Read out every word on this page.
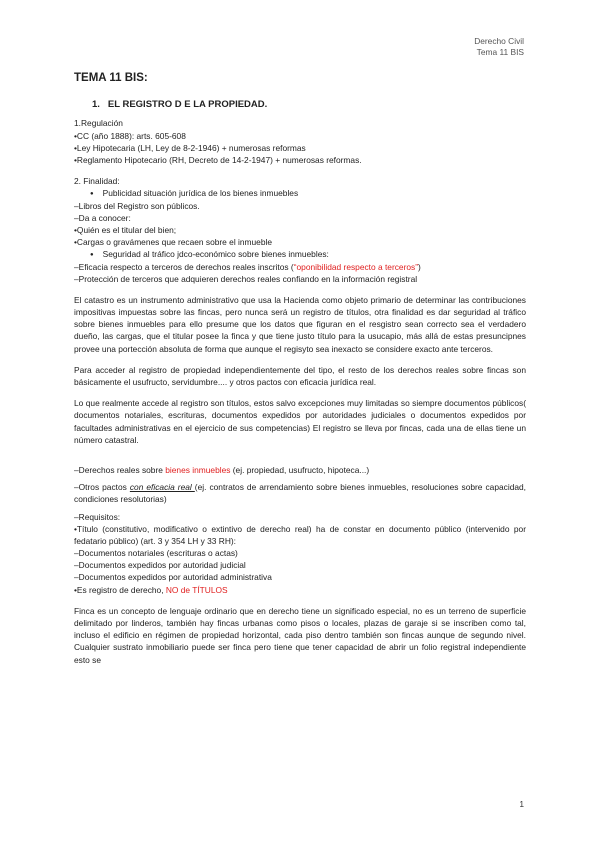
Derecho Civil
Tema 11 BIS

TEMA 11 BIS:

1. EL REGISTRO D E LA PROPIEDAD.

1.Regulación

•CC (año 1888): arts. 605-608

•Ley Hipotecaria (LH, Ley de 8-2-1946) + numerosas reformas

•Reglamento Hipotecario (RH, Decreto de 14-2-1947) + numerosas reformas.

2. Finalidad:

● Publicidad situación jurídica de los bienes inmuebles

–Libros del Registro son públicos.

–Da a conocer:

•Quién es el titular del bien;

•Cargas o gravámenes que recaen sobre el inmueble

● Seguridad al tráfico jdco-económico sobre bienes inmuebles:

–Eficacia respecto a terceros de derechos reales inscritos (“oponibilidad respecto a terceros”)

–Protección de terceros que adquieren derechos reales confiando en la información registral

El catastro es un instrumento administrativo que usa la Hacienda como objeto primario de determinar las contribuciones impositivas impuestas sobre las fincas, pero nunca será un registro de títulos, otra finalidad es dar seguridad al tráfico sobre bienes inmuebles para ello presume que los datos que figuran en el resgistro sean correcto sea el verdadero dueño, las cargas, que el titular posee la finca y que tiene justo título para la usucapio, más allá de estas presuncipnes provee una portección absoluta de forma que aunque el regisyto sea inexacto se considere exacto ante terceros.

Para acceder al registro de propiedad independientemente del tipo, el resto de los derechos reales sobre fincas son básicamente el usufructo, servidumbre.... y otros pactos con eficacia jurídica real.

Lo que realmente accede al registro son títulos, estos salvo excepciones muy limitadas so siempre documentos públicos( documentos notariales, escrituras, documentos expedidos por autoridades judiciales o documentos expedidos por facultades administrativas en el ejercicio de sus competencias) El registro se lleva por fincas, cada una de ellas tiene un número catastral.

–Derechos reales sobre bienes inmuebles (ej. propiedad, usufructo, hipoteca...)

–Otros pactos con eficacia real (ej. contratos de arrendamiento sobre bienes inmuebles, resoluciones sobre capacidad, condiciones resolutorias)

–Requisitos:

•Título (constitutivo, modificativo o extintivo de derecho real) ha de constar en documento público (intervenido por fedatario público) (art. 3 y 354 LH y 33 RH):

–Documentos notariales (escrituras o actas)

–Documentos expedidos por autoridad judicial

–Documentos expedidos por autoridad administrativa

•Es registro de derecho, NO de TÍTULOS

Finca es un concepto de lenguaje ordinario que en derecho tiene un significado especial, no es un terreno de superficie delimitado por linderos, también hay fincas urbanas como pisos o locales, plazas de garaje si se inscriben como tal, incluso el edificio en régimen de propiedad horizontal, cada piso dentro también son fincas aunque de segundo nivel. Cualquier sustrato inmobiliario puede ser finca pero tiene que tener capacidad de abrir un folio registral independiente esto se

1
